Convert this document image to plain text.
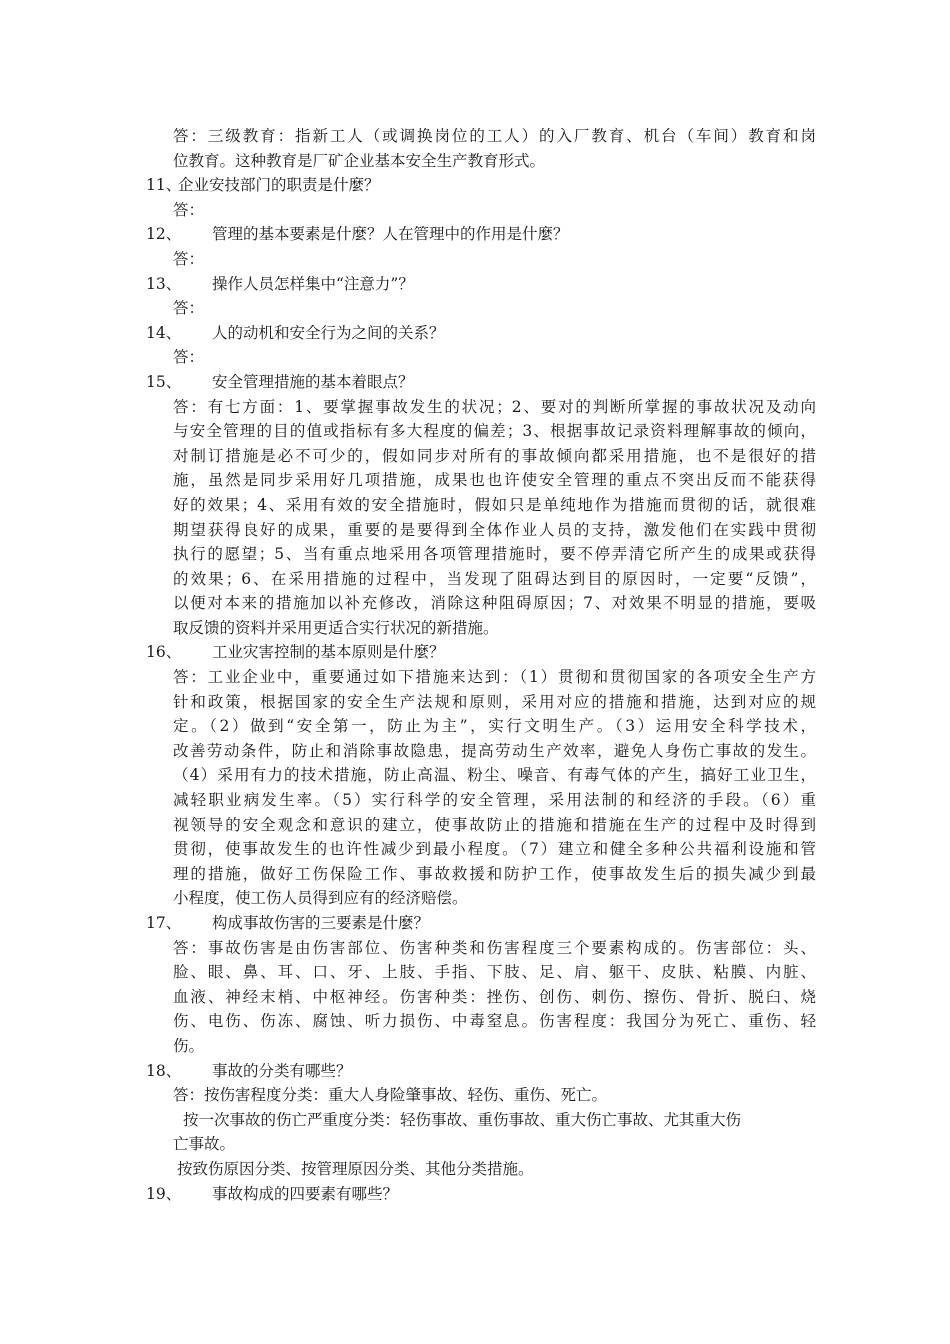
答：三级教育：指新工人（或调换岗位的工人）的入厂教育、机台（车间）教育和岗
位教育。这种教育是厂矿企业基本安全生产教育形式。
11、企业安技部门的职责是什麼？
答：
12、 管理的基本要素是什麼？人在管理中的作用是什麼？
答：
13、 操作人员怎样集中“注意力”？
答：
14、 人的动机和安全行为之间的关系？
答：
15、 安全管理措施的基本着眼点？
答：有七方面：1、要掌握事故发生的状况；2、要对的判断所掌握的事故状况及动向
与安全管理的目的值或指标有多大程度的偏差；3、根据事故记录资料理解事故的倾向，
对制订措施是必不可少的，假如同步对所有的事故倾向都采用措施，也不是很好的措
施，虽然是同步采用好几项措施，成果也也许使安全管理的重点不突出反而不能获得
好的效果；4、采用有效的安全措施时，假如只是单纯地作为措施而贯彻的话，就很难
期望获得良好的成果，重要的是要得到全体作业人员的支持，激发他们在实践中贯彻
执行的愿望；5、当有重点地采用各项管理措施时，要不停弄清它所产生的成果或获得
的效果；6、在采用措施的过程中，当发现了阻碍达到目的原因时，一定要“反馈”，
以便对本来的措施加以补充修改，消除这种阻碍原因；7、对效果不明显的措施，要吸
取反馈的资料并采用更适合实行状况的新措施。
16、 工业灾害控制的基本原则是什麼？
答：工业企业中，重要通过如下措施来达到：（1）贯彻和贯彻国家的各项安全生产方
针和政策，根据国家的安全生产法规和原则，采用对应的措施和措施，达到对应的规
定。（2）做到“安全第一，防止为主”，实行文明生产。（3）运用安全科学技术，
改善劳动条件，防止和消除事故隐患，提高劳动生产效率，避免人身伤亡事故的发生。
（4）采用有力的技术措施，防止高温、粉尘、噪音、有毒气体的产生，搞好工业卫生，
减轻职业病发生率。（5）实行科学的安全管理，采用法制的和经济的手段。（6）重
视领导的安全观念和意识的建立，使事故防止的措施和措施在生产的过程中及时得到
贯彻，使事故发生的也许性减少到最小程度。（7）建立和健全多种公共福利设施和管
理的措施，做好工伤保险工作、事故救援和防护工作，使事故发生后的损失减少到最
小程度，使工伤人员得到应有的经济赔偿。
17、 构成事故伤害的三要素是什麼？
答：事故伤害是由伤害部位、伤害种类和伤害程度三个要素构成的。伤害部位：头、
脸、眼、鼻、耳、口、牙、上肢、手指、下肢、足、肩、躯干、皮肤、粘膜、内脏、
血液、神经末梢、中枢神经。伤害种类：挫伤、创伤、刺伤、擦伤、骨折、脱臼、烧
伤、电伤、伤冻、腐蚀、听力损伤、中毒窒息。伤害程度：我国分为死亡、重伤、轻
伤。
18、 事故的分类有哪些？
答：按伤害程度分类：重大人身险肇事故、轻伤、重伤、死亡。
按一次事故的伤亡严重度分类：轻伤事故、重伤事故、重大伤亡事故、尤其重大伤
亡事故。
按致伤原因分类、按管理原因分类、其他分类措施。
19、 事故构成的四要素有哪些？
